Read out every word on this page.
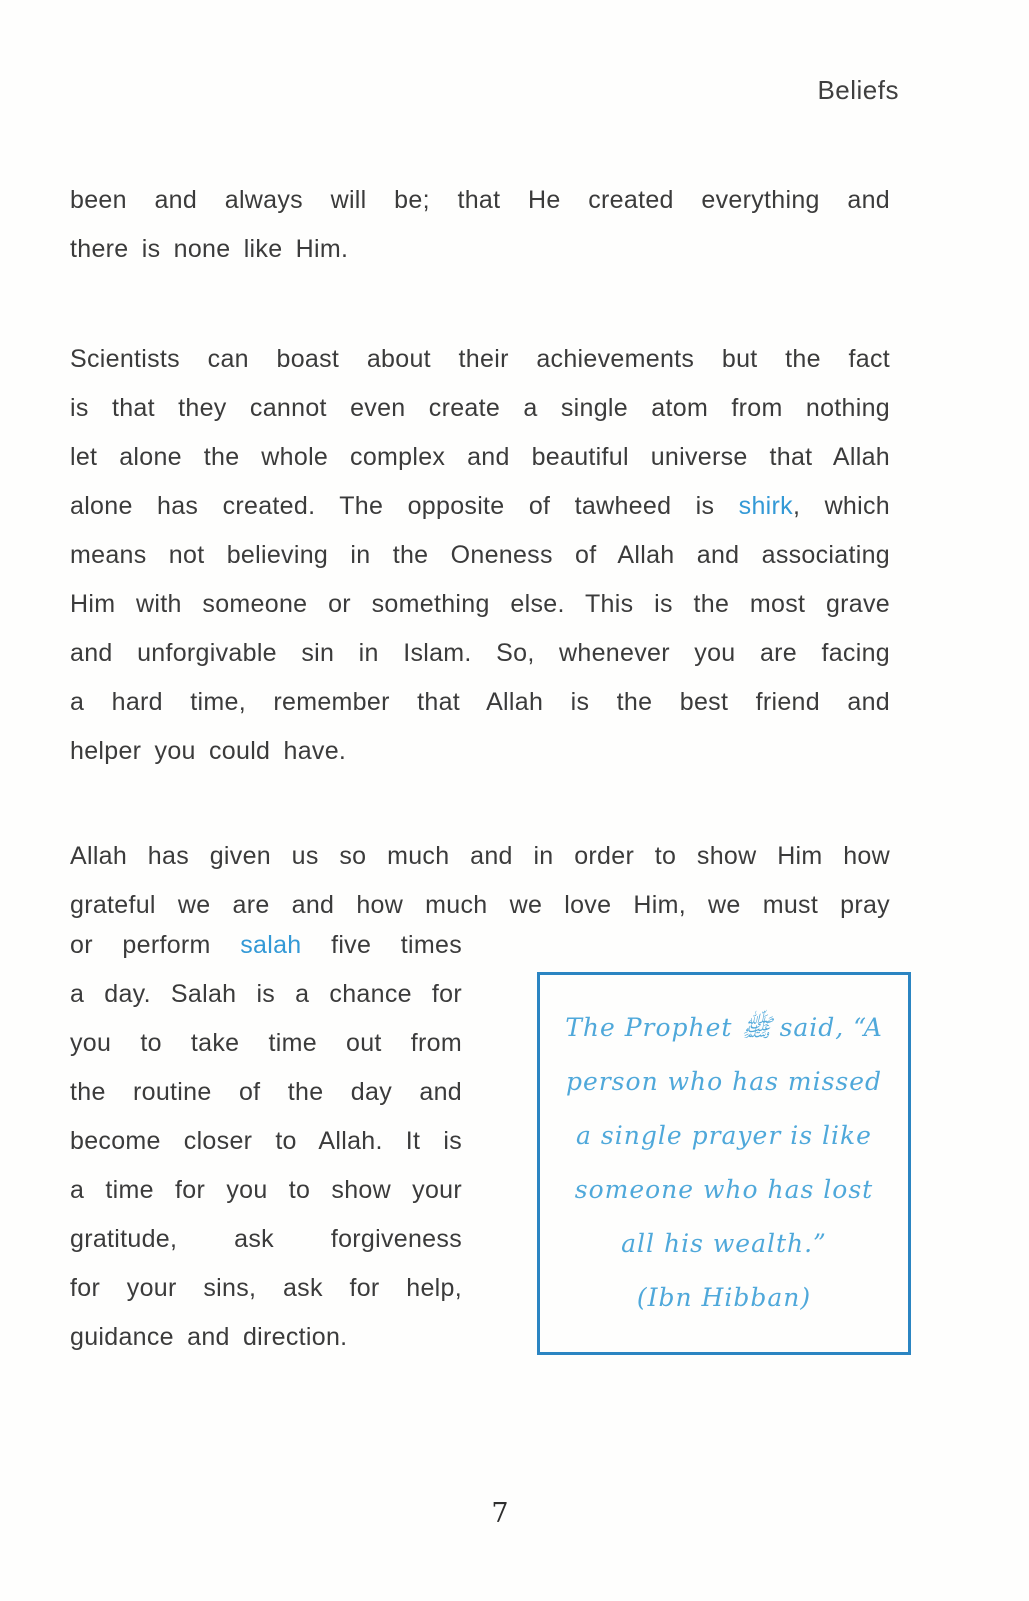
Beliefs
been and always will be; that He created everything and
there is none like Him.
Scientists can boast about their achievements but the fact
is that they cannot even create a single atom from nothing
let alone the whole complex and beautiful universe that Allah
alone has created. The opposite of tawheed is shirk, which
means not believing in the Oneness of Allah and associating
Him with someone or something else. This is the most grave
and unforgivable sin in Islam. So, whenever you are facing
a hard time, remember that Allah is the best friend and
helper you could have.
Allah has given us so much and in order to show Him how
grateful we are and how much we love Him, we must pray
or perform salah five times
a day. Salah is a chance for
you to take time out from
the routine of the day and
become closer to Allah. It is
a time for you to show your
gratitude, ask forgiveness
for your sins, ask for help,
guidance and direction.
The Prophet ﷺ said, “A
person who has missed
a single prayer is like
someone who has lost
all his wealth.”
(Ibn Hibban)
7
